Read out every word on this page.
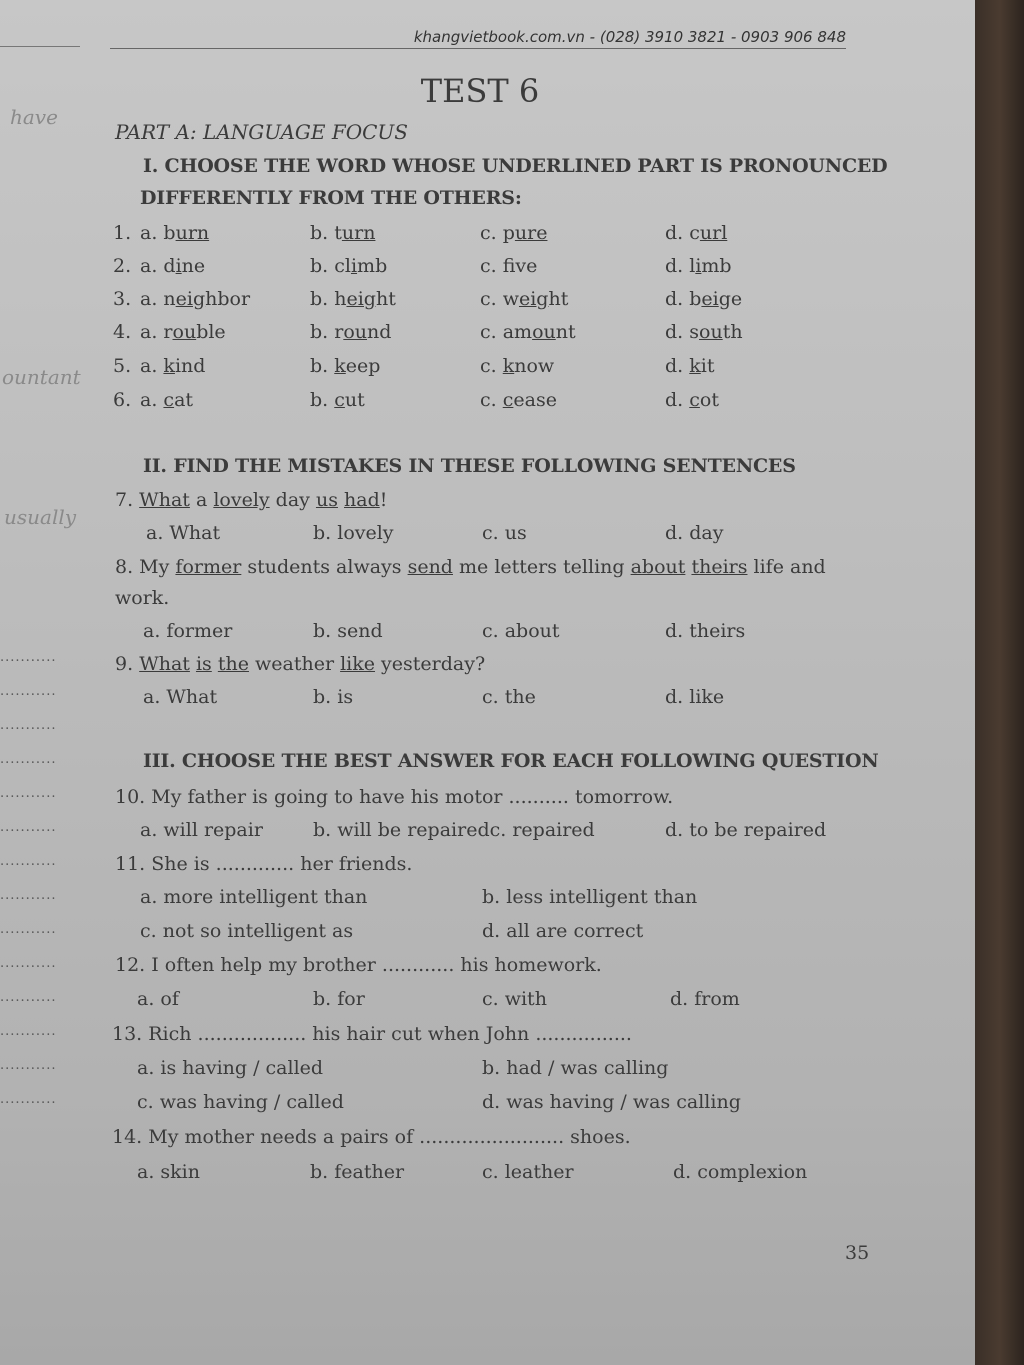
khangvietbook.com.vn - (028) 3910 3821 - 0903 906 848
TEST 6
PART A: LANGUAGE FOCUS
have
ountant
usually
I. CHOOSE THE WORD WHOSE UNDERLINED PART IS PRONOUNCED
DIFFERENTLY FROM THE OTHERS:
1. a. burn	b. turn	c. pure	d. curl
2. a. dine	b. climb	c. fve	d. limb
3. a. neighbor	b. height	c. weight	d. beige
4. a. rouble	b. round	c. amount	d. south
5. a. kind	b. keep	c. know	d. kit
6. a. cat	b. cut	c. cease	d. cot
II. FIND THE MISTAKES IN THESE FOLLOWING SENTENCES
7. What a lovely day us had!
a. What	b. lovely	c. us	d. day
8. My former students always send me letters telling about theirs life and
work.
a. former	b. send	c. about	d. theirs
9. What is the weather like yesterday?
a. What	b. is	c. the	d. like
III. CHOOSE THE BEST ANSWER FOR EACH FOLLOWING QUESTION
10. My father is going to have his motor .......... tomorrow.
a. will repair	b. will be repairedc. repaired	d. to be repaired
11. She is ............. her friends.
a. more intelligent than	b. less intelligent than
c. not so intelligent as	d. all are correct
12. I often help my brother ............ his homework.
a. of	b. for	c. with	d. from
13. Rich .................. his hair cut when John ................
a. is having / called	b. had / was calling
c. was having / called	d. was having / was calling
14. My mother needs a pairs of ........................ shoes.
a. skin	b. feather	c. leather	d. complexion
35
...........
...........
...........
...........
...........
...........
...........
...........
...........
...........
...........
...........
...........
...........
